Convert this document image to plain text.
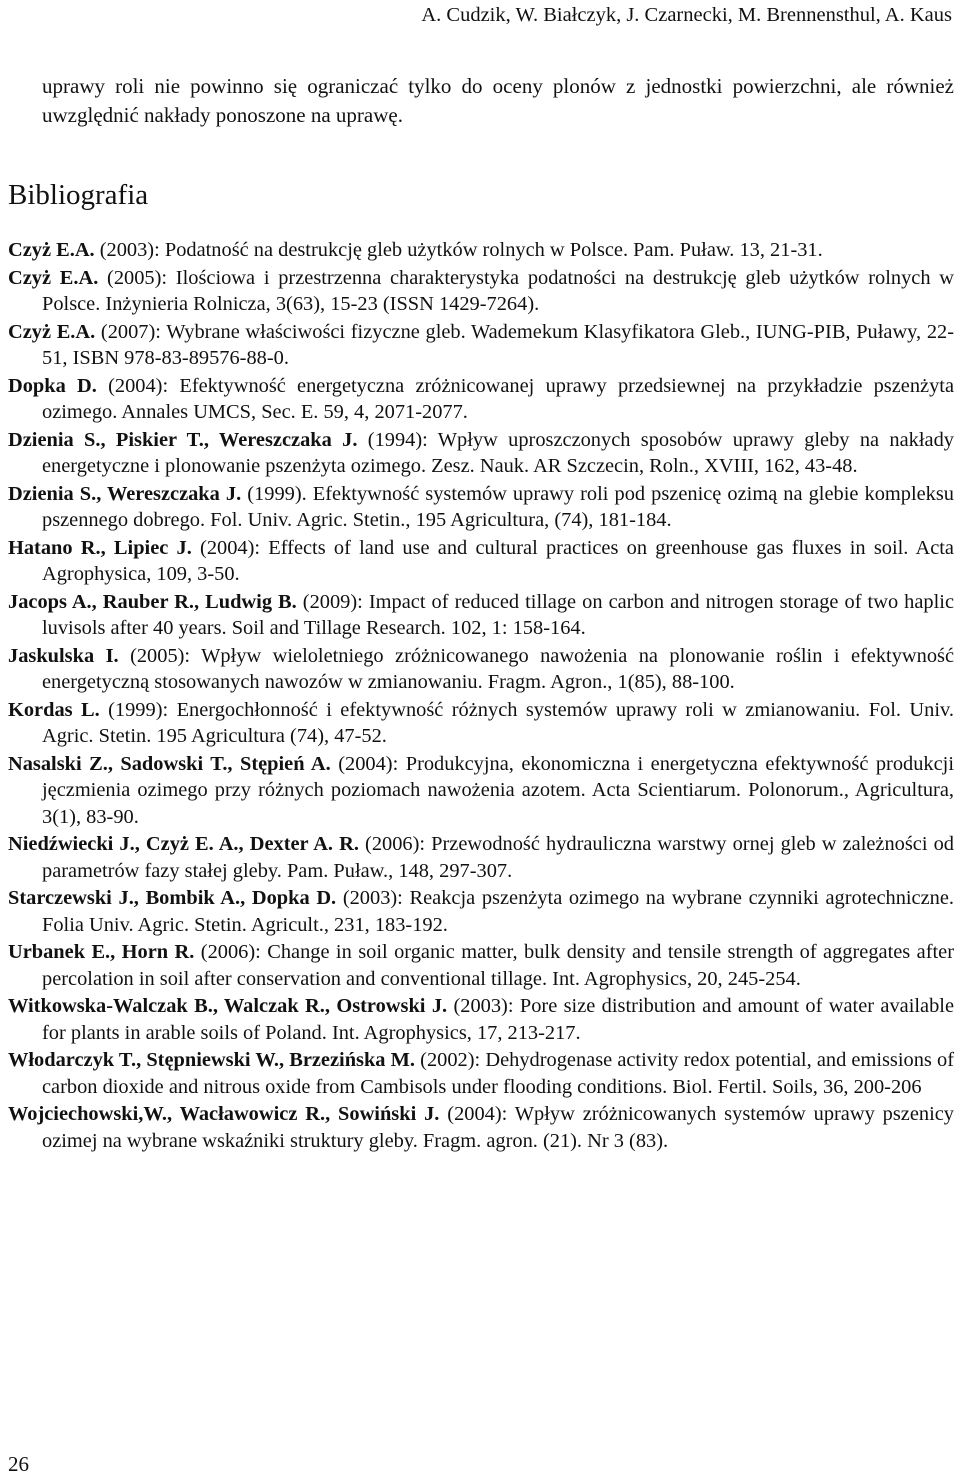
A. Cudzik, W. Białczyk, J. Czarnecki, M. Brennensthul, A. Kaus

uprawy roli nie powinno się ograniczać tylko do oceny plonów z jednostki powierzchni, ale również uwzględnić nakłady ponoszone na uprawę.

Bibliografia
Czyż E.A. (2003): Podatność na destrukcję gleb użytków rolnych w Polsce. Pam. Puław. 13, 21-31.
Czyż E.A. (2005): Ilościowa i przestrzenna charakterystyka podatności na destrukcję gleb użytków rolnych w Polsce. Inżynieria Rolnicza, 3(63), 15-23 (ISSN 1429-7264).
Czyż E.A. (2007): Wybrane właściwości fizyczne gleb. Wademekum Klasyfikatora Gleb., IUNG-PIB, Puławy, 22-51, ISBN 978-83-89576-88-0.
Dopka D. (2004): Efektywność energetyczna zróżnicowanej uprawy przedsiewnej na przykładzie pszenżyta ozimego. Annales UMCS, Sec. E. 59, 4, 2071-2077.
Dzienia S., Piskier T., Wereszczaka J. (1994): Wpływ uproszczonych sposobów uprawy gleby na nakłady energetyczne i plonowanie pszenżyta ozimego. Zesz. Nauk. AR Szczecin, Roln., XVIII, 162, 43-48.
Dzienia S., Wereszczaka J. (1999). Efektywność systemów uprawy roli pod pszenicę ozimą na glebie kompleksu pszennego dobrego. Fol. Univ. Agric. Stetin., 195 Agricultura, (74), 181-184.
Hatano R., Lipiec J. (2004): Effects of land use and cultural practices on greenhouse gas fluxes in soil. Acta Agrophysica, 109, 3-50.
Jacops A., Rauber R., Ludwig B. (2009): Impact of reduced tillage on carbon and nitrogen storage of two haplic luvisols after 40 years. Soil and Tillage Research. 102, 1: 158-164.
Jaskulska I. (2005): Wpływ wieloletniego zróżnicowanego nawożenia na plonowanie roślin i efektywność energetyczną stosowanych nawozów w zmianowaniu. Fragm. Agron., 1(85), 88-100.
Kordas L. (1999): Energochłonność i efektywność różnych systemów uprawy roli w zmianowaniu. Fol. Univ. Agric. Stetin. 195 Agricultura (74), 47-52.
Nasalski Z., Sadowski T., Stępień A. (2004): Produkcyjna, ekonomiczna i energetyczna efektywność produkcji jęczmienia ozimego przy różnych poziomach nawożenia azotem. Acta Scientiarum. Polonorum., Agricultura, 3(1), 83-90.
Niedźwiecki J., Czyż E. A., Dexter A. R. (2006): Przewodność hydrauliczna warstwy ornej gleb w zależności od parametrów fazy stałej gleby. Pam. Puław., 148, 297-307.
Starczewski J., Bombik A., Dopka D. (2003): Reakcja pszenżyta ozimego na wybrane czynniki agrotechniczne. Folia Univ. Agric. Stetin. Agricult., 231, 183-192.
Urbanek E., Horn R. (2006): Change in soil organic matter, bulk density and tensile strength of aggregates after percolation in soil after conservation and conventional tillage. Int. Agrophysics, 20, 245-254.
Witkowska-Walczak B., Walczak R., Ostrowski J. (2003): Pore size distribution and amount of water available for plants in arable soils of Poland. Int. Agrophysics, 17, 213-217.
Włodarczyk T., Stępniewski W., Brzezińska M. (2002): Dehydrogenase activity redox potential, and emissions of carbon dioxide and nitrous oxide from Cambisols under flooding conditions. Biol. Fertil. Soils, 36, 200-206
Wojciechowski,W., Wacławowicz R., Sowiński J. (2004): Wpływ zróżnicowanych systemów uprawy pszenicy ozimej na wybrane wskaźniki struktury gleby. Fragm. agron. (21). Nr 3 (83).
26
